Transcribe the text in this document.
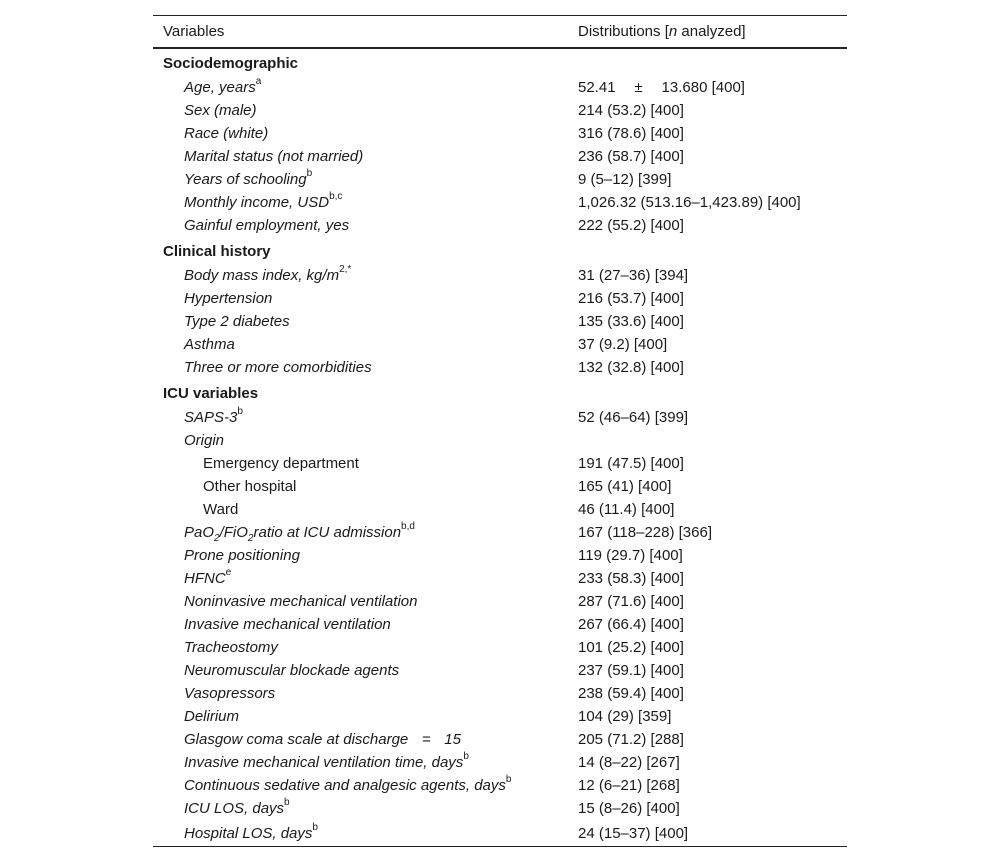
Variables	Distributions [n analyzed]
Sociodemographic	
Age, years$^a$	52.41 ± 13.680 [400]
Sex (male)	214 (53.2) [400]
Race (white)	316 (78.6) [400]
Marital status (not married)	236 (58.7) [400]
Years of schooling$^b$	9 (5–12) [399]
Monthly income, USD$^{b,c}$	1,026.32 (513.16–1,423.89) [400]
Gainful employment, yes	222 (55.2) [400]
Clinical history	
Body mass index, $kg/m^{2,*}$	31 (27–36) [394]
Hypertension	216 (53.7) [400]
Type 2 diabetes	135 (33.6) [400]
Asthma	37 (9.2) [400]
Three or more comorbidities	132 (32.8) [400]
ICU variables	
SAPS-3$^b$	52 (46–64) [399]
Origin	
Emergency department	191 (47.5) [400]
Other hospital	165 (41) [400]
Ward	46 (11.4) [400]
PaO$_2$/FiO$_2$ratio at ICU admission$^{b,d}$	167 (118–228) [366]
Prone positioning	119 (29.7) [400]
HFNC$^e$	233 (58.3) [400]
Noninvasive mechanical ventilation	287 (71.6) [400]
Invasive mechanical ventilation	267 (66.4) [400]
Tracheostomy	101 (25.2) [400]
Neuromuscular blockade agents	237 (59.1) [400]
Vasopressors	238 (59.4) [400]
Delirium	104 (29) [359]
Glasgow coma scale at discharge = 15	205 (71.2) [288]
Invasive mechanical ventilation time, days$^b$	14 (8–22) [267]
Continuous sedative and analgesic agents, days$^b$	12 (6–21) [268]
ICU LOS, days$^b$	15 (8–26) [400]
Hospital LOS, days$^b$	24 (15–37) [400]
